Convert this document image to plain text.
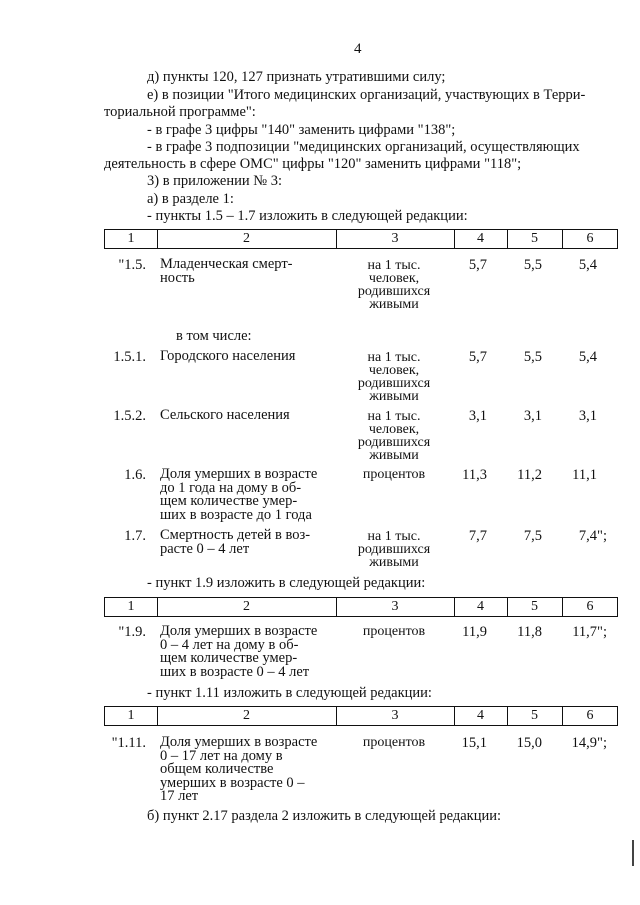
4
д) пункты 120, 127 признать утратившими силу;
е) в позиции "Итого медицинских организаций, участвующих в Терри-
ториальной программе":
- в графе 3 цифры "140" заменить цифрами "138";
- в графе 3 подпозиции "медицинских организаций, осуществляющих
деятельность в сфере ОМС" цифры "120" заменить цифрами "118";
3) в приложении № 3:
а) в разделе 1:
- пункты 1.5 – 1.7 изложить в следующей редакции:
1	2	3	4	5	6
"1.5. Младенческая смерт-
ность
на 1 тыс.
человек,
родившихся
живыми
5,7	5,5	5,4
в том числе:
1.5.1. Городского населения	на 1 тыс.
человек,
родившихся
живыми
5,7	5,5	5,4
1.5.2. Сельского населения	на 1 тыс.
человек,
родившихся
живыми
3,1	3,1	3,1
1.6. Доля умерших в возрасте
до 1 года на дому в об-
щем количестве умер-
ших в возрасте до 1 года
процентов	11,3	11,2	11,1
1.7. Смертность детей в воз-
расте 0 – 4 лет
на 1 тыс.
родившихся
живыми
7,7	7,5	7,4";
- пункт 1.9 изложить в следующей редакции:
1	2	3	4	5	6
"1.9. Доля умерших в возрасте
0 – 4 лет на дому в об-
щем количестве умер-
ших в возрасте 0 – 4 лет
процентов	11,9	11,8	11,7";
- пункт 1.11 изложить в следующей редакции:
1	2	3	4	5	6
"1.11. Доля умерших в возрасте
0 – 17 лет на дому в
общем количестве
умерших в возрасте 0 –
17 лет
процентов	15,1	15,0	14,9";
б) пункт 2.17 раздела 2 изложить в следующей редакции:
